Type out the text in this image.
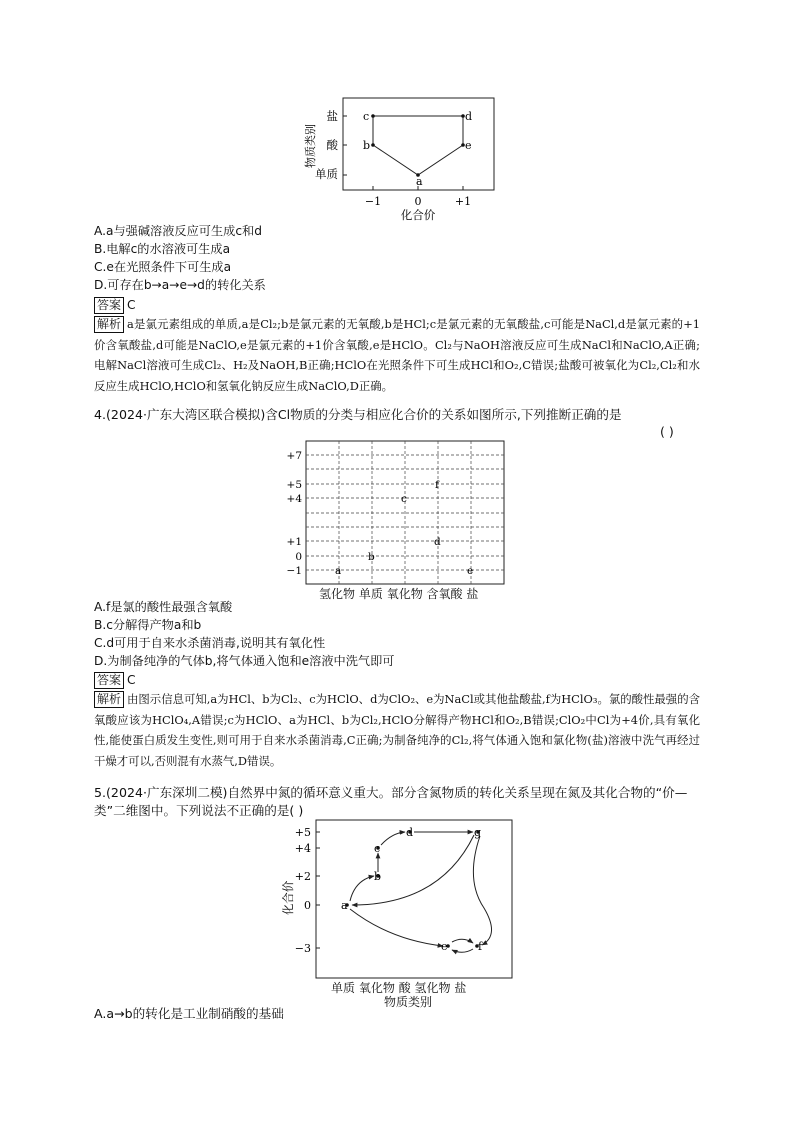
物质类别
盐
酸
单质
−1	0	+1
化合价
c	d
b	e
a
A.a与强碱溶液反应可生成c和d
B.电解c的水溶液可生成a
C.e在光照条件下可生成a
D.可存在b→a→e→d的转化关系
答案 C
解析 a是氯元素组成的单质,a是Cl₂;b是氯元素的无氧酸,b是HCl;c是氯元素的无氧酸盐,c可能是NaCl,d是氯元素的+1价含氧酸盐,d可能是NaClO,e是氯元素的+1价含氧酸,e是HClO。Cl₂与NaOH溶液反应可生成NaCl和NaClO,A正确;电解NaCl溶液可生成Cl₂、H₂及NaOH,B正确;HClO在光照条件下可生成HCl和O₂,C错误;盐酸可被氧化为Cl₂,Cl₂和水反应生成HClO,HClO和氢氧化钠反应生成NaClO,D正确。
4.(2024·广东大湾区联合模拟)含Cl物质的分类与相应化合价的关系如图所示,下列推断正确的是
( )
+7
+5
+4
+1
0
−1	a
b
c
d
e
f
氢化物 单质 氧化物 含氧酸 盐
A.f是氯的酸性最强含氧酸
B.c分解得产物a和b
C.d可用于自来水杀菌消毒,说明其有氧化性
D.为制备纯净的气体b,将气体通入饱和e溶液中洗气即可
答案 C
解析 由图示信息可知,a为HCl、b为Cl₂、c为HClO、d为ClO₂、e为NaCl或其他盐酸盐,f为HClO₃。氯的酸性最强的含氧酸应该为HClO₄,A错误;c为HClO、a为HCl、b为Cl₂,HClO分解得产物HCl和O₂,B错误;ClO₂中Cl为+4价,具有氧化性,能使蛋白质发生变性,则可用于自来水杀菌消毒,C正确;为制备纯净的Cl₂,将气体通入饱和氯化物(盐)溶液中洗气再经过干燥才可以,否则混有水蒸气,D错误。
5.(2024·广东深圳二模)自然界中氮的循环意义重大。部分含氮物质的转化关系呈现在氮及其化合物的“价—类”二维图中。下列说法不正确的是( )
化合价
+5
+4
+2
0
−3
g
d
c
b
a
e	f
单质 氧化物 酸 氢化物 盐
物质类别
A.a→b的转化是工业制硝酸的基础
